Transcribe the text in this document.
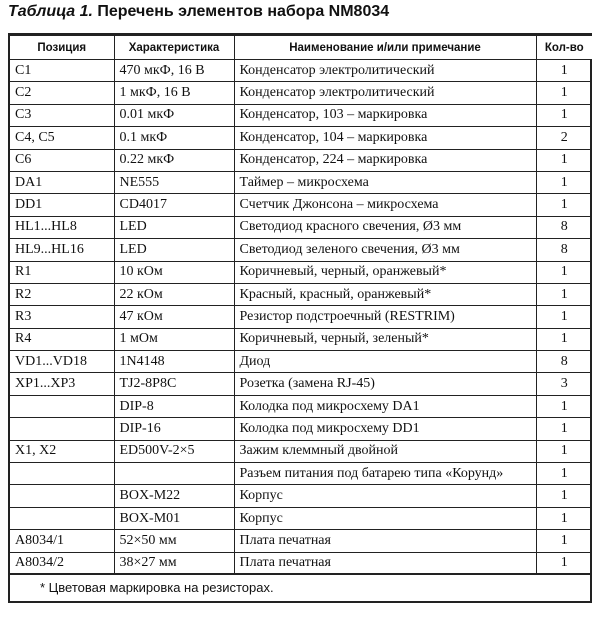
Таблица 1. Перечень элементов набора NM8034
Позиция	Характеристика	Наименование и/или примечание	Кол-во
C1	470 мкФ, 16 В	Конденсатор электролитический	1
C2	1 мкФ, 16 В	Конденсатор электролитический	1
C3	0.01 мкФ	Конденсатор, 103 – маркировка	1
C4, C5	0.1 мкФ	Конденсатор, 104 – маркировка	2
C6	0.22 мкФ	Конденсатор, 224 – маркировка	1
DA1	NE555	Таймер – микросхема	1
DD1	CD4017	Счетчик Джонсона – микросхема	1
HL1...HL8	LED	Светодиод красного свечения, Ø3 мм	8
HL9...HL16	LED	Светодиод зеленого свечения, Ø3 мм	8
R1	10 кОм	Коричневый, черный, оранжевый*	1
R2	22 кОм	Красный, красный, оранжевый*	1
R3	47 кОм	Резистор подстроечный (RESTRIM)	1
R4	1 мОм	Коричневый, черный, зеленый*	1
VD1...VD18	1N4148	Диод	8
XP1...XP3	TJ2-8P8C	Розетка (замена RJ-45)	3
	DIP-8	Колодка под микросхему DA1	1
	DIP-16	Колодка под микросхему DD1	1
X1, X2	ED500V-2×5	Зажим клеммный двойной	1
		Разъем питания под батарею типа «Корунд»	1
	BOX-M22	Корпус	1
	BOX-M01	Корпус	1
A8034/1	52×50 мм	Плата печатная	1
A8034/2	38×27 мм	Плата печатная	1
* Цветовая маркировка на резисторах.
